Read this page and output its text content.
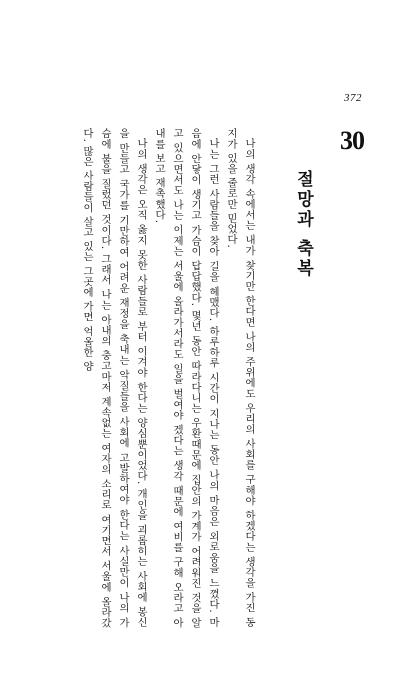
372
30
절망과 축복

나의 생각 속에서는 내가 찾기만 한다면 나의 주위에도 우리의 사회를 구해야 하겠다는 생각을 가진 동지가 있을 줄로만 믿었다.

나는 그런 사람들을 찾아 길을 헤맸다. 하루하루 시간이 지나는 동안 나의 마음은 외로움을 느꼈다. 마음에 안닿이 생기고 가슴이 답답했다. 몇년 동안 따라다니는 우환때문에 집안의 가계가 어려워진 것을 알고 있으면서도 나는 이제는 서울에 올라가서라도 일을 벌여야 겠다는 생각 때문에 여비를 구해 오라고 아내를 보고 재촉했다.

나의 생각은 오직 옳지 못한 사람들로 부터 이겨야 한다는 양심뿐이었다. 개인을 괴롭히는 사회에 봉신을 만들고 국가를 기만하여 어려운 재정을 축내는 악질들을 사회에 고발하여야 한다는 사실만이 나의 가슴에 불을 질렀던 것이다. 그래서 나는 아내의 충고마저 계속없는 여자의 소리로 여기면서 서울에 올라갔다. 많은 사람들이 살고 있는 그곳에 가면 억울한 양
